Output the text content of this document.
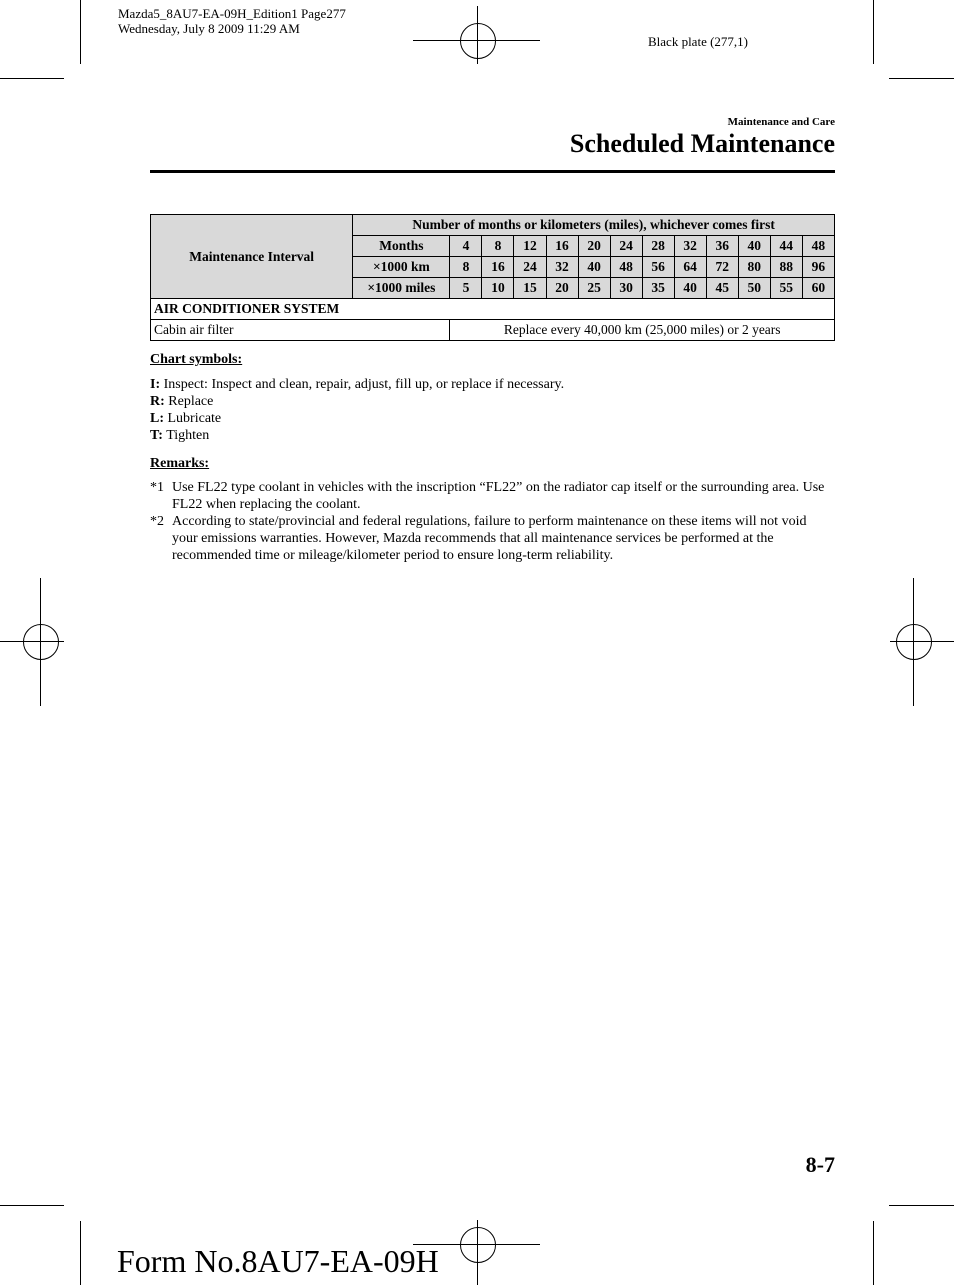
Mazda5_8AU7-EA-09H_Edition1 Page277
Wednesday, July 8 2009 11:29 AM
Black plate (277,1)
Maintenance and Care
Scheduled Maintenance
Maintenance Interval	Number of months or kilometers (miles), whichever comes first												
	Months	4	8	12	16	20	24	28	32	36	40	44	48
	×1000 km	8	16	24	32	40	48	56	64	72	80	88	96
	×1000 miles	5	10	15	20	25	30	35	40	45	50	55	60
AIR CONDITIONER SYSTEM													
Cabin air filter		Replace every 40,000 km (25,000 miles) or 2 years											
Chart symbols:
I: Inspect: Inspect and clean, repair, adjust, fill up, or replace if necessary.
R: Replace
L: Lubricate
T: Tighten
Remarks:
*1 Use FL22 type coolant in vehicles with the inscription “FL22” on the radiator cap itself or the surrounding area. Use FL22 when replacing the coolant.
*2 According to state/provincial and federal regulations, failure to perform maintenance on these items will not void your emissions warranties. However, Mazda recommends that all maintenance services be performed at the recommended time or mileage/kilometer period to ensure long-term reliability.
8-7
Form No.8AU7-EA-09H
